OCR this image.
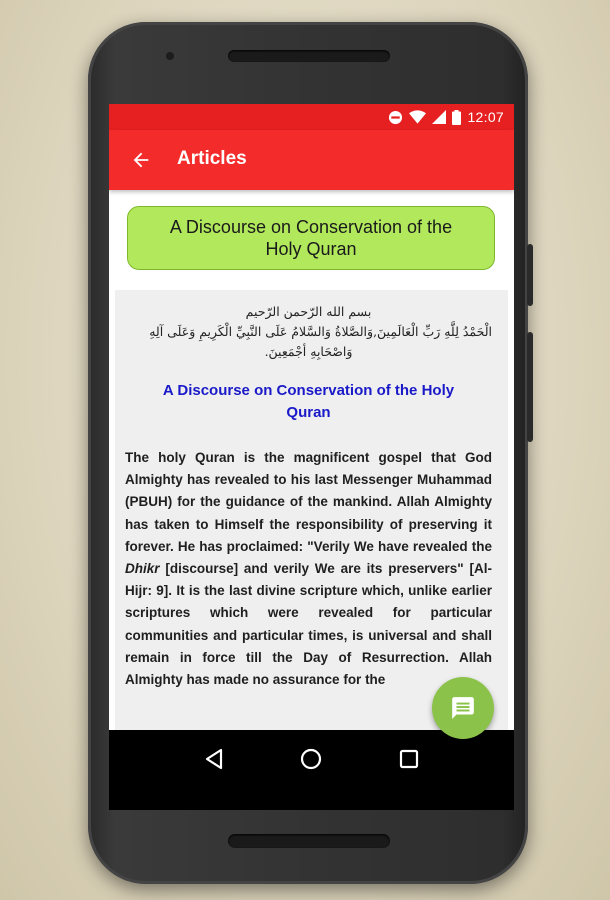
12:07
Articles
A Discourse on Conservation of the Holy Quran
بسم الله الرّحمن الرّحيم
الْحَمْدُ لِلَّهِ رَبِّ الْعَالَمِينَ,وَالصَّلاةُ وَالسَّلامُ عَلَى النَّبِيِّ الْكَرِيمِ وَعَلَى آلِهِ
وَاصْحَابِهِ أجْمَعِينَ.
A Discourse on Conservation of the Holy Quran
The holy Quran is the magnificent gospel that God Almighty has revealed to his last Messenger Muhammad (PBUH) for the guidance of the mankind. Allah Almighty has taken to Himself the responsibility of preserving it forever. He has proclaimed: "Verily We have revealed the Dhikr [discourse] and verily We are its preservers" [Al-Hijr: 9]. It is the last divine scripture which, unlike earlier scriptures which were revealed for particular communities and particular times, is universal and shall remain in force till the Day of Resurrection. Allah Almighty has made no assurance for the
